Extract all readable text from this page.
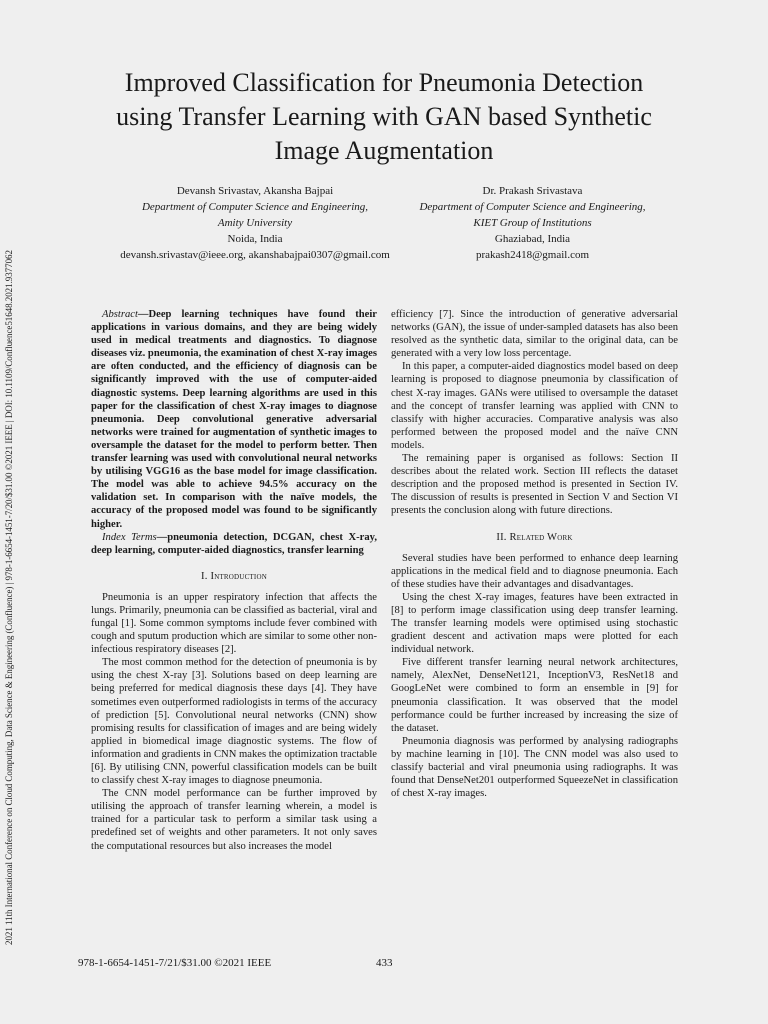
2021 11th International Conference on Cloud Computing, Data Science & Engineering (Confluence) | 978-1-6654-1451-7/20/$31.00 ©2021 IEEE | DOI: 10.1109/Confluence51648.2021.9377062
Improved Classification for Pneumonia Detection
using Transfer Learning with GAN based Synthetic
Image Augmentation
Devansh Srivastav, Akansha Bajpai
Department of Computer Science and Engineering,
Amity University
Noida, India
devansh.srivastav@ieee.org, akanshabajpai0307@gmail.com
Dr. Prakash Srivastava
Department of Computer Science and Engineering,
KIET Group of Institutions
Ghaziabad, India
prakash2418@gmail.com

Abstract—Deep learning techniques have found their applications in various domains, and they are being widely used in medical treatments and diagnostics. To diagnose diseases viz. pneumonia, the examination of chest X-ray images are often conducted, and the efficiency of diagnosis can be significantly improved with the use of computer-aided diagnostic systems. Deep learning algorithms are used in this paper for the classification of chest X-ray images to diagnose pneumonia. Deep convolutional generative adversarial networks were trained for augmentation of synthetic images to oversample the dataset for the model to perform better. Then transfer learning was used with convolutional neural networks by utilising VGG16 as the base model for image classification. The model was able to achieve 94.5% accuracy on the validation set. In comparison with the naïve models, the accuracy of the proposed model was found to be significantly higher.

Index Terms—pneumonia detection, DCGAN, chest X-ray, deep learning, computer-aided diagnostics, transfer learning

I. Introduction

Pneumonia is an upper respiratory infection that affects the lungs. Primarily, pneumonia can be classified as bacterial, viral and fungal [1]. Some common symptoms include fever combined with cough and sputum production which are similar to some other non-infectious respiratory diseases [2].

The most common method for the detection of pneumonia is by using the chest X-ray [3]. Solutions based on deep learning are being preferred for medical diagnosis these days [4]. They have sometimes even outperformed radiologists in terms of the accuracy of prediction [5]. Convolutional neural networks (CNN) show promising results for classification of images and are being widely applied in biomedical image diagnostic systems. The flow of information and gradients in CNN makes the optimization tractable [6]. By utilising CNN, powerful classification models can be built to classify chest X-ray images to diagnose pneumonia.

The CNN model performance can be further improved by utilising the approach of transfer learning wherein, a model is trained for a particular task to perform a similar task using a predefined set of weights and other parameters. It not only saves the computational resources but also increases the model

efficiency [7]. Since the introduction of generative adversarial networks (GAN), the issue of under-sampled datasets has also been resolved as the synthetic data, similar to the original data, can be generated with a very low loss percentage.

In this paper, a computer-aided diagnostics model based on deep learning is proposed to diagnose pneumonia by classification of chest X-ray images. GANs were utilised to oversample the dataset and the concept of transfer learning was applied with CNN to classify with higher accuracies. Comparative analysis was also performed between the proposed model and the naïve CNN models.

The remaining paper is organised as follows: Section II describes about the related work. Section III reflects the dataset description and the proposed method is presented in Section IV. The discussion of results is presented in Section V and Section VI presents the conclusion along with future directions.

II. Related Work

Several studies have been performed to enhance deep learning applications in the medical field and to diagnose pneumonia. Each of these studies have their advantages and disadvantages.

Using the chest X-ray images, features have been extracted in [8] to perform image classification using deep transfer learning. The transfer learning models were optimised using stochastic gradient descent and activation maps were plotted for each individual network.

Five different transfer learning neural network architectures, namely, AlexNet, DenseNet121, InceptionV3, ResNet18 and GoogLeNet were combined to form an ensemble in [9] for pneumonia classification. It was observed that the model performance could be further increased by increasing the size of the dataset.

Pneumonia diagnosis was performed by analysing radiographs by machine learning in [10]. The CNN model was also used to classify bacterial and viral pneumonia using radiographs. It was found that DenseNet201 outperformed SqueezeNet in classification of chest X-ray images.

978-1-6654-1451-7/21/$31.00 ©2021 IEEE	433
